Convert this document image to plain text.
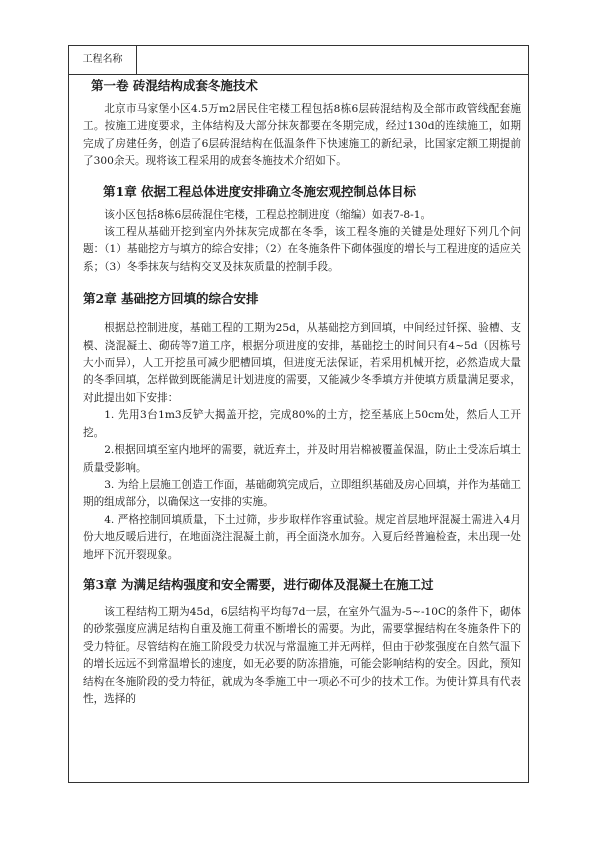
工程名称
第一卷 砖混结构成套冬施技术

北京市马家堡小区4.5万m2居民住宅楼工程包括8栋6层砖混结构及全部市政管线配套施工。按施工进度要求，主体结构及大部分抹灰都要在冬期完成，经过130d的连续施工，如期完成了房建任务，创造了6层砖混结构在低温条件下快速施工的新纪录，比国家定额工期提前了300余天。现将该工程采用的成套冬施技术介绍如下。

第1章 依据工程总体进度安排确立冬施宏观控制总体目标

该小区包括8栋6层砖混住宅楼，工程总控制进度（缩编）如表7-8-1。

该工程从基础开挖到室内外抹灰完成都在冬季，该工程冬施的关键是处理好下列几个问题：（1）基础挖方与填方的综合安排；（2）在冬施条件下砌体强度的增长与工程进度的适应关系；（3）冬季抹灰与结构交叉及抹灰质量的控制手段。

第2章 基础挖方回填的综合安排

根据总控制进度，基础工程的工期为25d，从基础挖方到回填，中间经过钎探、验槽、支模、浇混凝土、砌砖等7道工序，根据分项进度的安排，基础挖土的时间只有4~5d（因栋号大小而异），人工开挖虽可减少肥槽回填，但进度无法保证，若采用机械开挖，必然造成大量的冬季回填，怎样做到既能满足计划进度的需要，又能减少冬季填方并使填方质量满足要求，对此提出如下安排：

1. 先用3台1m3反铲大揭盖开挖，完成80%的土方，挖至基底上50cm处，然后人工开挖。

2.根据回填至室内地坪的需要，就近弃土，并及时用岩棉被覆盖保温，防止土受冻后填土质量受影响。

3. 为给上层施工创造工作面，基础砌筑完成后，立即组织基础及房心回填，并作为基础工期的组成部分，以确保这一安排的实施。

4. 严格控制回填质量，下土过筛，步步取样作容重试验。规定首层地坪混凝土需进入4月份大地反暖后进行，在地面浇注混凝土前，再全面浇水加夯。入夏后经普遍检查，未出现一处地坪下沉开裂现象。

第3章 为满足结构强度和安全需要，进行砌体及混凝土在施工过

该工程结构工期为45d，6层结构平均每7d一层，在室外气温为-5~-10C的条件下，砌体的砂浆强度应满足结构自重及施工荷重不断增长的需要。为此，需要掌握结构在冬施条件下的受力特征。尽管结构在施工阶段受力状况与常温施工并无两样，但由于砂浆强度在自然气温下的增长远远不到常温增长的速度，如无必要的防冻措施，可能会影响结构的安全。因此，预知结构在冬施阶段的受力特征，就成为冬季施工中一项必不可少的技术工作。为使计算具有代表性，选择的
